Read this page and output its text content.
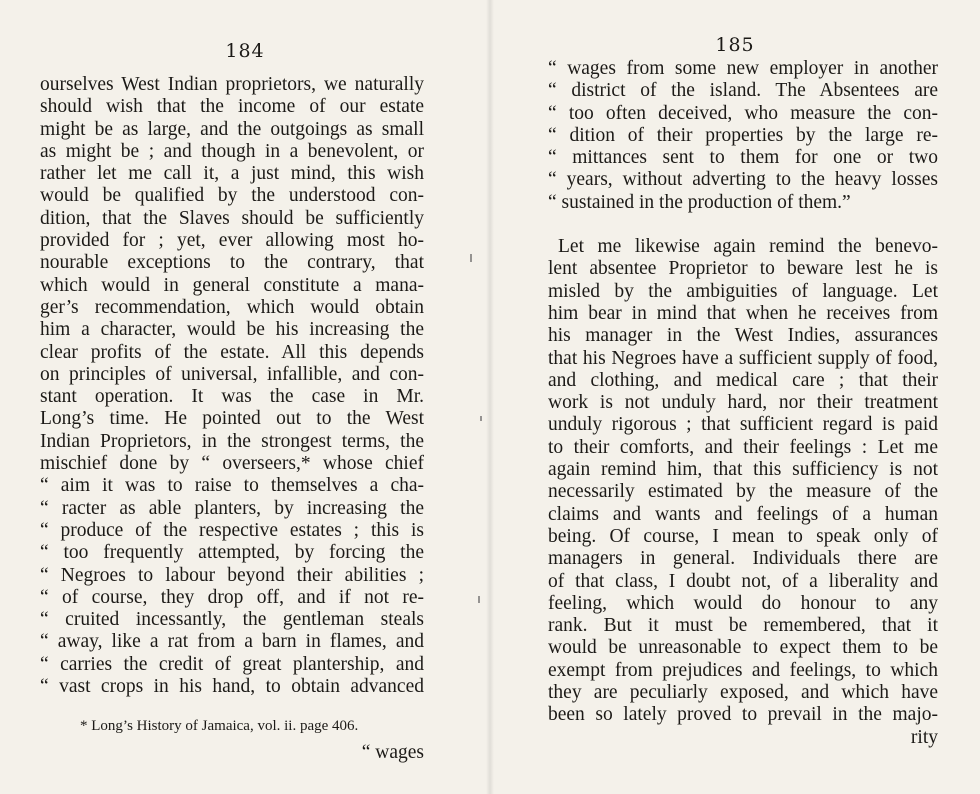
184
ourselves West Indian proprietors, we naturally
should wish that the income of our estate
might be as large, and the outgoings as small
as might be ; and though in a benevolent, or
rather let me call it, a just mind, this wish
would be qualified by the understood con-
dition, that the Slaves should be sufficiently
provided for ; yet, ever allowing most ho-
nourable exceptions to the contrary, that
which would in general constitute a mana-
ger’s recommendation, which would obtain
him a character, would be his increasing the
clear profits of the estate. All this depends
on principles of universal, infallible, and con-
stant operation. It was the case in Mr.
Long’s time. He pointed out to the West
Indian Proprietors, in the strongest terms, the
mischief done by “ overseers,* whose chief
“ aim it was to raise to themselves a cha-
“ racter as able planters, by increasing the
“ produce of the respective estates ; this is
“ too frequently attempted, by forcing the
“ Negroes to labour beyond their abilities ;
“ of course, they drop off, and if not re-
“ cruited incessantly, the gentleman steals
“ away, like a rat from a barn in flames, and
“ carries the credit of great plantership, and
“ vast crops in his hand, to obtain advanced
* Long’s History of Jamaica, vol. ii. page 406.
“ wages
185
“ wages from some new employer in another
“ district of the island. The Absentees are
“ too often deceived, who measure the con-
“ dition of their properties by the large re-
“ mittances sent to them for one or two
“ years, without adverting to the heavy losses
“ sustained in the production of them.”
Let me likewise again remind the benevo-
lent absentee Proprietor to beware lest he is
misled by the ambiguities of language. Let
him bear in mind that when he receives from
his manager in the West Indies, assurances
that his Negroes have a sufficient supply of food,
and clothing, and medical care ; that their
work is not unduly hard, nor their treatment
unduly rigorous ; that sufficient regard is paid
to their comforts, and their feelings : Let me
again remind him, that this sufficiency is not
necessarily estimated by the measure of the
claims and wants and feelings of a human
being. Of course, I mean to speak only of
managers in general. Individuals there are
of that class, I doubt not, of a liberality and
feeling, which would do honour to any
rank. But it must be remembered, that it
would be unreasonable to expect them to be
exempt from prejudices and feelings, to which
they are peculiarly exposed, and which have
been so lately proved to prevail in the majo-
rity
